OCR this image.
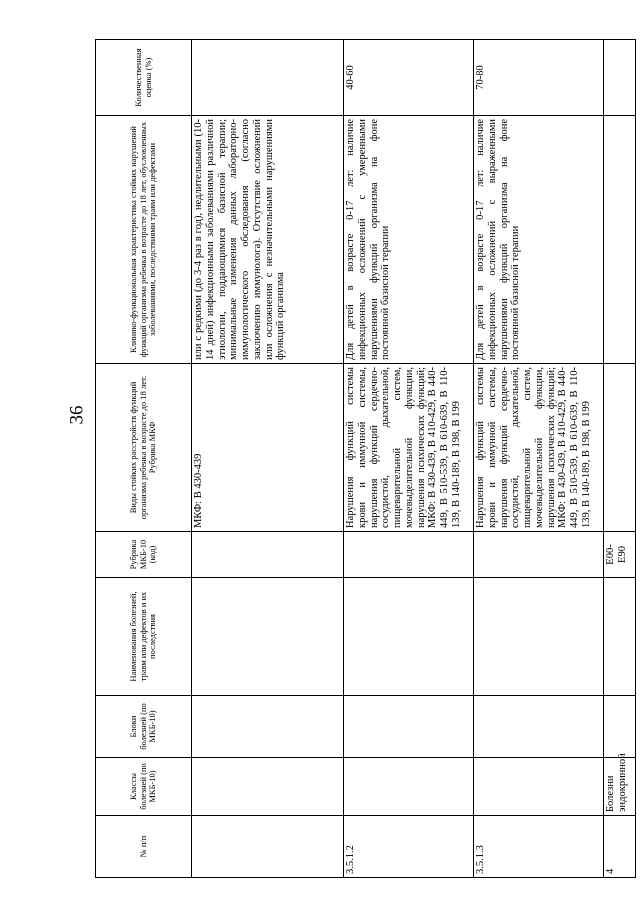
36
№ п/п	Классы болезней (по МКБ-10)	Блоки болезней (по МКБ-10)	Наименования болезней, травм или дефектов и их последствия	Рубрика МКБ-10 (код)	Виды стойких расстройств функций организма ребенка в возрасте до 18 лет. Рубрика МКФ	Клинико-функциональная характеристика стойких нарушений функций организма ребенка в возрасте до 18 лет, обусловленных заболеваниями, последствиями травм или дефектами	Количественная оценка (%)
					МКФ: В 430-439	или с редкими (до 3-4 раз в год), недлительными (10-14 дней) инфекционными заболеваниями различной этиологии, поддающимися базисной терапии; минимальные изменения данных лабораторно-иммунологического обследования (согласно заключению иммунолога). Отсутствие осложнений или осложнения с незначительными нарушениями функций организма	
3.5.1.2					Нарушения функций системы крови и иммунной системы, нарушения функций сердечно-сосудистой, дыхательной, пищеварительной систем, мочевыделительной функции, нарушения психических функций; МКФ: В 430-439, В 410-429, В 440-449, В 510-539, В 610-639, В 110-139, В 140-189, В 198, В 199	Для детей в возрасте 0-17 лет: наличие инфекционных осложнений с умеренными нарушениями функций организма на фоне постоянной базисной терапии	40-60
3.5.1.3					Нарушения функций системы крови и иммунной системы, нарушения функций сердечно-сосудистой, дыхательной, пищеварительной систем, мочевыделительной функции, нарушения психических функций; МКФ: В 430-439, В 410-429, В 440-449, В 510-539, В 610-639, В 110-139, В 140-189, В 198, В 199	Для детей в возрасте 0-17 лет: наличие инфекционных осложнений с выраженными нарушениями функций организма на фоне постоянной базисной терапии	70-80
4	Болезни эндокринной			E00- E90			
